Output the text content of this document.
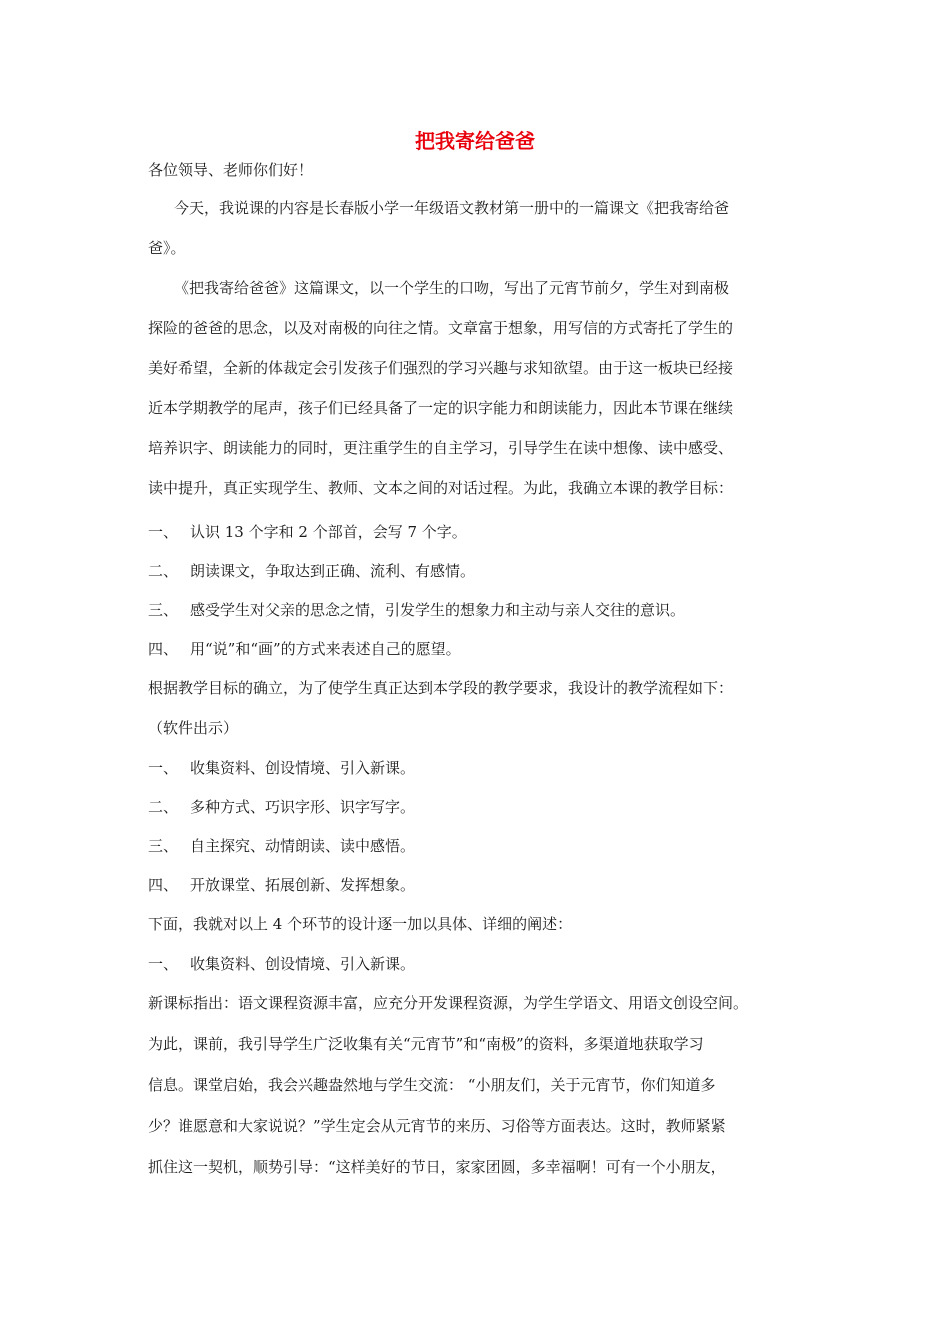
把我寄给爸爸
各位领导、老师你们好！
今天，我说课的内容是长春版小学一年级语文教材第一册中的一篇课文《把我寄给爸
爸》。
《把我寄给爸爸》这篇课文，以一个学生的口吻，写出了元宵节前夕，学生对到南极
探险的爸爸的思念，以及对南极的向往之情。文章富于想象，用写信的方式寄托了学生的
美好希望，全新的体裁定会引发孩子们强烈的学习兴趣与求知欲望。由于这一板块已经接
近本学期教学的尾声，孩子们已经具备了一定的识字能力和朗读能力，因此本节课在继续
培养识字、朗读能力的同时，更注重学生的自主学习，引导学生在读中想像、读中感受、
读中提升，真正实现学生、教师、文本之间的对话过程。为此，我确立本课的教学目标：
一、 认识 13 个字和 2 个部首，会写 7 个字。
二、 朗读课文，争取达到正确、流利、有感情。
三、 感受学生对父亲的思念之情，引发学生的想象力和主动与亲人交往的意识。
四、 用“说”和“画”的方式来表述自己的愿望。
根据教学目标的确立，为了使学生真正达到本学段的教学要求，我设计的教学流程如下：
（软件出示）
一、 收集资料、创设情境、引入新课。
二、 多种方式、巧识字形、识字写字。
三、 自主探究、动情朗读、读中感悟。
四、 开放课堂、拓展创新、发挥想象。
下面，我就对以上 4 个环节的设计逐一加以具体、详细的阐述：
一、 收集资料、创设情境、引入新课。
新课标指出：语文课程资源丰富，应充分开发课程资源，为学生学语文、用语文创设空间。
为此，课前，我引导学生广泛收集有关“元宵节”和“南极”的资料，多渠道地获取学习
信息。课堂启始，我会兴趣盎然地与学生交流： “小朋友们，关于元宵节，你们知道多
少？谁愿意和大家说说？”学生定会从元宵节的来历、习俗等方面表达。这时，教师紧紧
抓住这一契机，顺势引导：“这样美好的节日，家家团圆，多幸福啊！可有一个小朋友，
